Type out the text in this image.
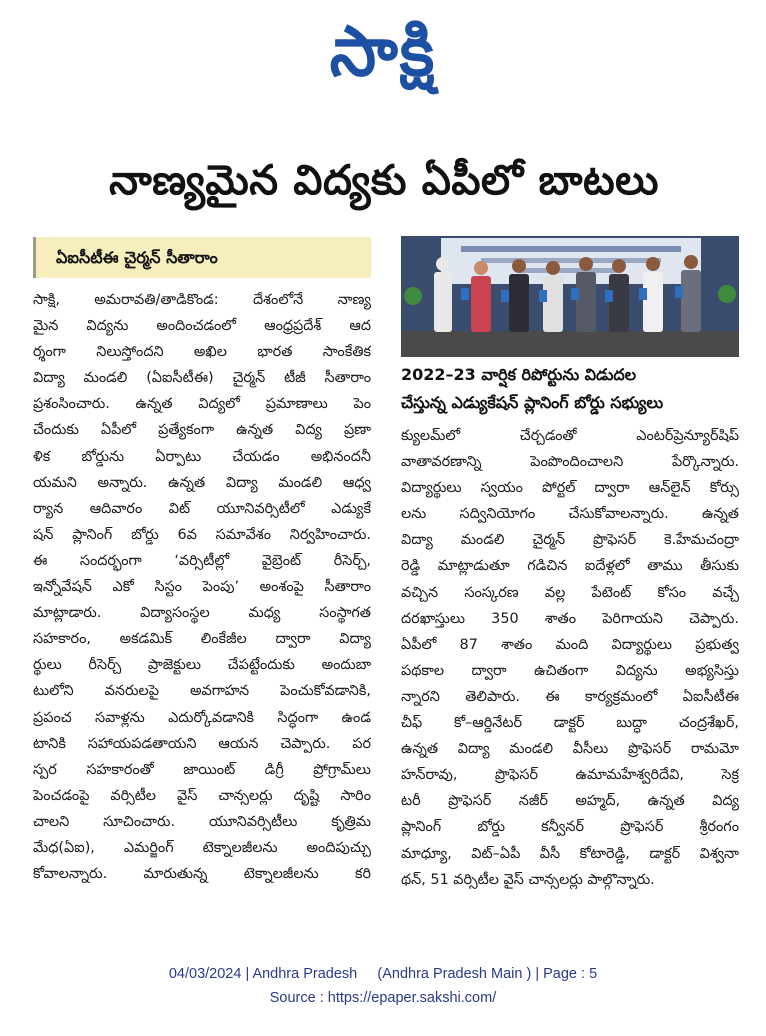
సాక్షి
నాణ్యమైన విద్యకు ఏపీలో బాటలు
ఏఐసీటీఈ చైర్మన్ సీతారాం
2022–23 వార్షిక రిపోర్టును విడుదల
చేస్తున్న ఎడ్యుకేషన్ ప్లానింగ్ బోర్డు సభ్యులు
సాక్షి, అమరావతి/తాడికొండ: దేశంలోనే నాణ్య
మైన విద్యను అందించడంలో ఆంధ్రప్రదేశ్ ఆద
ర్శంగా నిలుస్తోందని అఖిల భారత సాంకేతిక
విద్యా మండలి (ఏఐసీటీఈ) చైర్మన్ టీజీ సీతారాం
ప్రశంసించారు. ఉన్నత విద్యలో ప్రమాణాలు పెం
చేందుకు ఏపీలో ప్రత్యేకంగా ఉన్నత విద్య ప్రణా
ళిక బోర్డును ఏర్పాటు చేయడం అభినందనీ
యమని అన్నారు. ఉన్నత విద్యా మండలి ఆధ్వ
ర్యాన ఆదివారం విట్ యూనివర్సిటీలో ఎడ్యుకే
షన్ ప్లానింగ్ బోర్డు 6వ సమావేశం నిర్వహించారు.
ఈ సందర్భంగా ‘వర్సిటీల్లో వైబ్రెంట్ రీసెర్చ్,
ఇన్నోవేషన్ ఎకో సిస్టం పెంపు’ అంశంపై సీతారాం
మాట్లాడారు. విద్యాసంస్థల మధ్య సంస్థాగత
సహకారం, అకడమిక్ లింకేజీల ద్వారా విద్యా
ర్థులు రీసెర్చ్ ప్రాజెక్టులు చేపట్టేందుకు అందుబా
టులోని వనరులపై అవగాహన పెంచుకోవడానికి,
ప్రపంచ సవాళ్లను ఎదుర్కోవడానికి సిద్ధంగా ఉండ
టానికి సహాయపడతాయని ఆయన చెప్పారు. పర
స్పర సహకారంతో జాయింట్ డిగ్రీ ప్రోగ్రామ్‌లు
పెంచడంపై వర్సిటీల వైస్ చాన్సలర్లు దృష్టి సారిం
చాలని సూచించారు. యూనివర్సిటీలు కృత్రిమ
మేధ(ఏఐ), ఎమర్జింగ్ టెక్నాలజీలను అందిపుచ్చు
కోవాలన్నారు. మారుతున్న టెక్నాలజీలను కరి
క్యులమ్‌లో చేర్చడంతో ఎంటర్‌ప్రెన్యూర్‌షిప్
వాతావరణాన్ని పెంపొందించాలని పేర్కొన్నారు.
విద్యార్థులు స్వయం పోర్టల్ ద్వారా ఆన్‌లైన్ కోర్సు
లను సద్వినియోగం చేసుకోవాలన్నారు. ఉన్నత
విద్యా మండలి చైర్మన్ ప్రొఫెసర్ కె.హేమచంద్రా
రెడ్డి మాట్లాడుతూ గడిచిన ఐదేళ్లలో తాము తీసుకు
వచ్చిన సంస్కరణ వల్ల పేటెంట్ కోసం వచ్చే
దరఖాస్తులు 350 శాతం పెరిగాయని చెప్పారు.
ఏపీలో 87 శాతం మంది విద్యార్థులు ప్రభుత్వ
పథకాల ద్వారా ఉచితంగా విద్యను అభ్యసిస్తు
న్నారని తెలిపారు. ఈ కార్యక్రమంలో ఏఐసీటీఈ
చీఫ్ కో–ఆర్డినేటర్ డాక్టర్ బుద్ధా చంద్రశేఖర్,
ఉన్నత విద్యా మండలి వీసీలు ప్రొఫెసర్ రామమో
హన్‌రావు, ప్రొఫెసర్ ఉమామహేశ్వరిదేవి, సెక్ర
టరీ ప్రొఫెసర్ నజీర్ అహ్మద్, ఉన్నత విద్య
ప్లానింగ్ బోర్డు కన్వీనర్ ప్రొఫెసర్ శ్రీరంగం
మాధ్యూ, విట్–ఏపీ వీసీ కోటారెడ్డి, డాక్టర్ విశ్వనా
థన్, 51 వర్సిటీల వైస్ చాన్సలర్లు పాల్గొన్నారు.
04/03/2024 | Andhra Pradesh     (Andhra Pradesh Main ) | Page : 5
Source : https://epaper.sakshi.com/
